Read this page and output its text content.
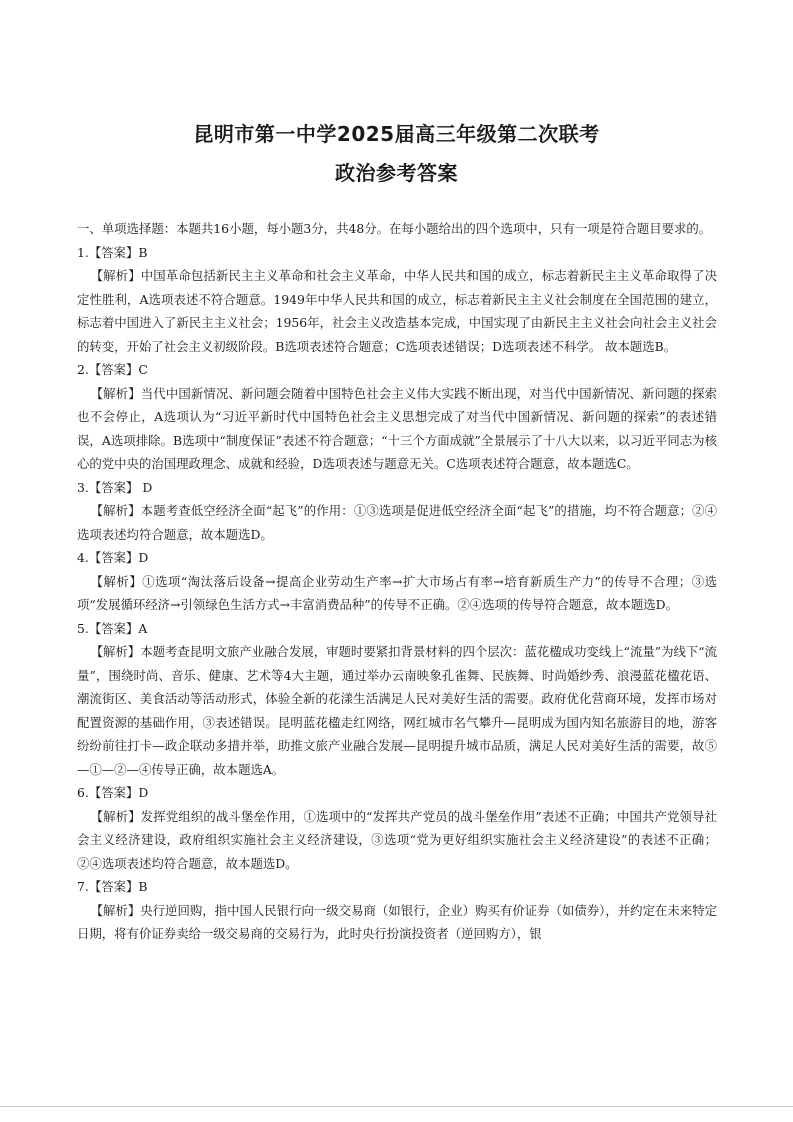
昆明市第一中学2025届高三年级第二次联考
政治参考答案

一、单项选择题：本题共16小题，每小题3分，共48分。在每小题给出的四个选项中，只有一项是符合题目要求的。

1.【答案】B

【解析】中国革命包括新民主主义革命和社会主义革命，中华人民共和国的成立，标志着新民主主义革命取得了决定性胜利，A选项表述不符合题意。1949年中华人民共和国的成立，标志着新民主主义社会制度在全国范围的建立，标志着中国进入了新民主主义社会；1956年，社会主义改造基本完成，中国实现了由新民主主义社会向社会主义社会的转变，开始了社会主义初级阶段。B选项表述符合题意；C选项表述错误；D选项表述不科学。 故本题选B。

2.【答案】C

【解析】当代中国新情况、新问题会随着中国特色社会主义伟大实践不断出现，对当代中国新情况、新问题的探索也不会停止，A选项认为“习近平新时代中国特色社会主义思想完成了对当代中国新情况、新问题的探索”的表述错误，A选项排除。B选项中“制度保证”表述不符合题意；“十三个方面成就”全景展示了十八大以来，以习近平同志为核心的党中央的治国理政理念、成就和经验，D选项表述与题意无关。C选项表述符合题意，故本题选C。

3.【答案】 D

【解析】本题考查低空经济全面“起飞”的作用：①③选项是促进低空经济全面“起飞”的措施，均不符合题意；②④选项表述均符合题意，故本题选D。

4.【答案】D

【解析】①选项“淘汰落后设备→提高企业劳动生产率→扩大市场占有率→培育新质生产力”的传导不合理；③选项“发展循环经济→引领绿色生活方式→丰富消费品种”的传导不正确。②④选项的传导符合题意，故本题选D。

5.【答案】A

【解析】本题考查昆明文旅产业融合发展，审题时要紧扣背景材料的四个层次：蓝花楹成功变线上“流量”为线下“流量”，围绕时尚、音乐、健康、艺术等4大主题，通过举办云南映象孔雀舞、民族舞、时尚婚纱秀、浪漫蓝花楹花语、潮流街区、美食活动等活动形式，体验全新的花漾生活满足人民对美好生活的需要。政府优化营商环境，发挥市场对配置资源的基础作用，③表述错误。昆明蓝花楹走红网络，网红城市名气攀升—昆明成为国内知名旅游目的地，游客纷纷前往打卡—政企联动多措并举，助推文旅产业融合发展—昆明提升城市品质，满足人民对美好生活的需要，故⑤—①—②—④传导正确，故本题选A。

6.【答案】D

【解析】发挥党组织的战斗堡垒作用，①选项中的“发挥共产党员的战斗堡垒作用”表述不正确；中国共产党领导社会主义经济建设，政府组织实施社会主义经济建设，③选项“党为更好组织实施社会主义经济建设”的表述不正确；②④选项表述均符合题意，故本题选D。

7.【答案】B

【解析】央行逆回购，指中国人民银行向一级交易商（如银行，企业）购买有价证券（如债券），并约定在未来特定日期，将有价证券卖给一级交易商的交易行为，此时央行扮演投资者（逆回购方），银
